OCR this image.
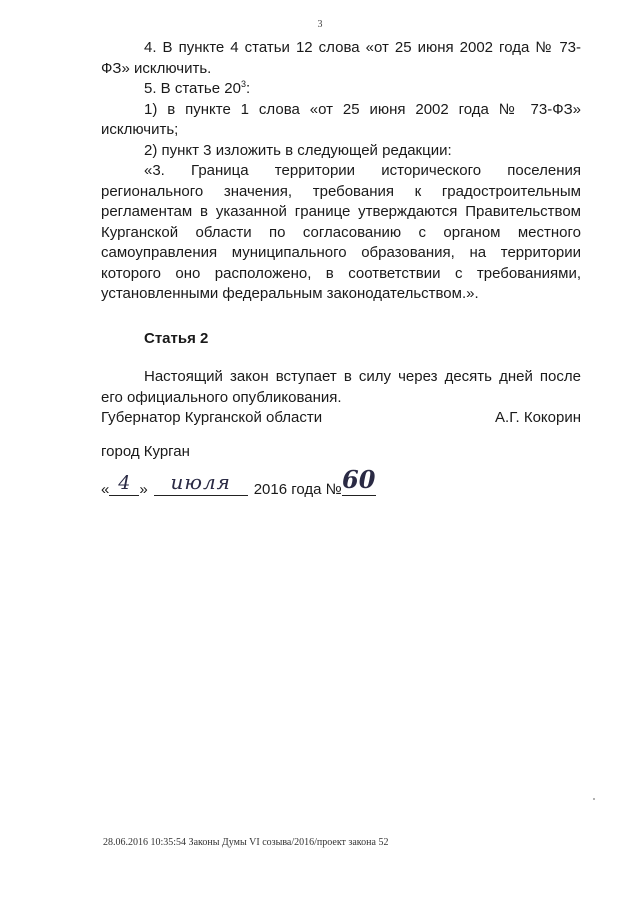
3

4. В пункте 4 статьи 12 слова «от 25 июня 2002 года № 73-ФЗ» исключить.

5. В статье $20^3$:

1) в пункте 1 слова «от 25 июня 2002 года № 73-ФЗ» исключить;

2) пункт 3 изложить в следующей редакции:

«3. Граница территории исторического поселения регионального значения, требования к градостроительным регламентам в указанной границе утверждаются Правительством Курганской области по согласованию с органом местного самоуправления муниципального образования, на территории которого оно расположено, в соответствии с требованиями, установленными федеральным законодательством.».

Статья 2

Настоящий закон вступает в силу через десять дней после его официального опубликования.

Губернатор Курганской области	А.Г. Кокорин
город Курган
« 4 »	июля	2016 года № 60
28.06.2016 10:35:54 Законы Думы VI созыва/2016/проект закона 52
